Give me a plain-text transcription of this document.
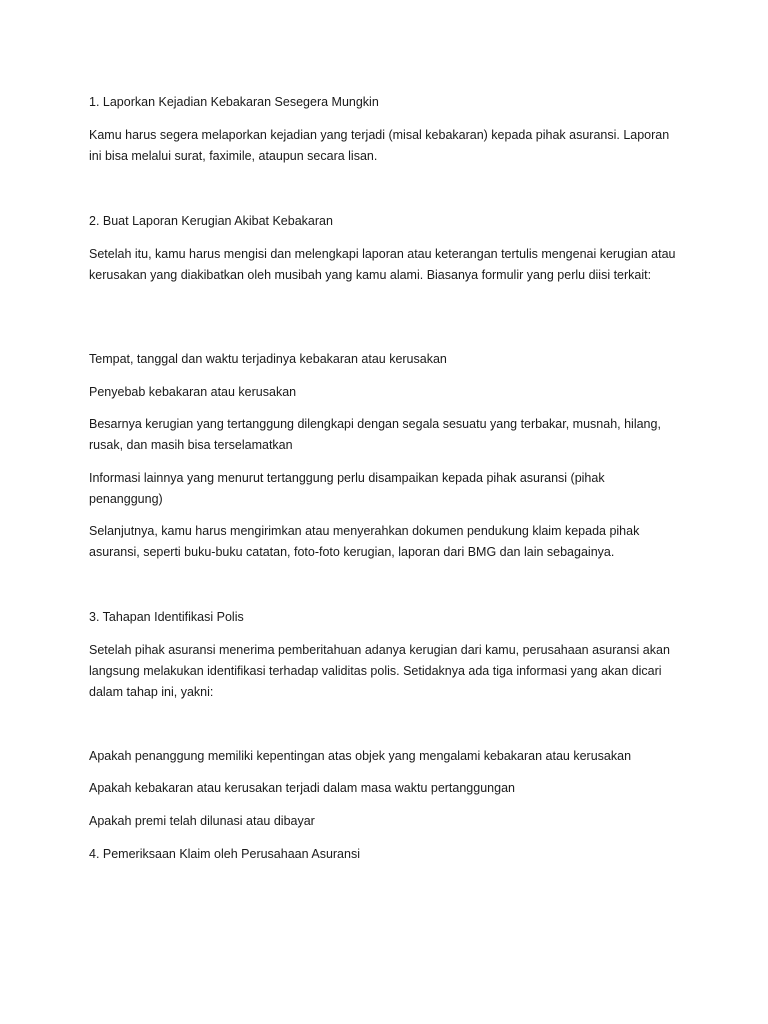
1. Laporkan Kejadian Kebakaran Sesegera Mungkin

Kamu harus segera melaporkan kejadian yang terjadi (misal kebakaran) kepada pihak asuransi. Laporan ini bisa melalui surat, faximile, ataupun secara lisan.

2. Buat Laporan Kerugian Akibat Kebakaran

Setelah itu, kamu harus mengisi dan melengkapi laporan atau keterangan tertulis mengenai kerugian atau kerusakan yang diakibatkan oleh musibah yang kamu alami. Biasanya formulir yang perlu diisi terkait:

Tempat, tanggal dan waktu terjadinya kebakaran atau kerusakan

Penyebab kebakaran atau kerusakan

Besarnya kerugian yang tertanggung dilengkapi dengan segala sesuatu yang terbakar, musnah, hilang, rusak, dan masih bisa terselamatkan

Informasi lainnya yang menurut tertanggung perlu disampaikan kepada pihak asuransi (pihak penanggung)

Selanjutnya, kamu harus mengirimkan atau menyerahkan dokumen pendukung klaim kepada pihak asuransi, seperti buku-buku catatan, foto-foto kerugian, laporan dari BMG dan lain sebagainya.

3. Tahapan Identifikasi Polis

Setelah pihak asuransi menerima pemberitahuan adanya kerugian dari kamu, perusahaan asuransi akan langsung melakukan identifikasi terhadap validitas polis. Setidaknya ada tiga informasi yang akan dicari dalam tahap ini, yakni:

Apakah penanggung memiliki kepentingan atas objek yang mengalami kebakaran atau kerusakan

Apakah kebakaran atau kerusakan terjadi dalam masa waktu pertanggungan

Apakah premi telah dilunasi atau dibayar

4. Pemeriksaan Klaim oleh Perusahaan Asuransi
